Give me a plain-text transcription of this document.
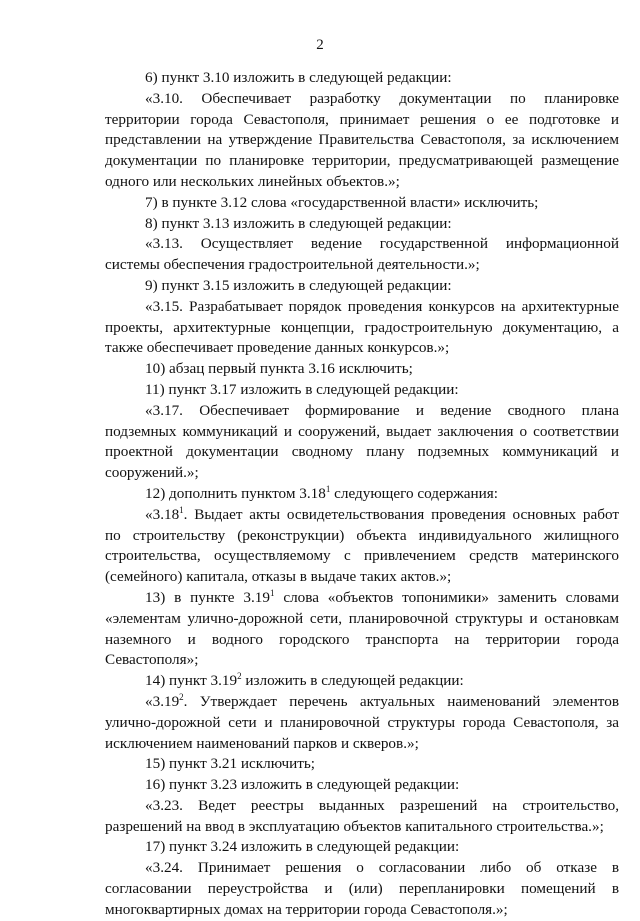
2

6) пункт 3.10 изложить в следующей редакции:

«3.10. Обеспечивает разработку документации по планировке территории города Севастополя, принимает решения о ее подготовке и представлении на утверждение Правительства Севастополя, за исключением документации по планировке территории, предусматривающей размещение одного или нескольких линейных объектов.»;

7) в пункте 3.12 слова «государственной власти» исключить;

8) пункт 3.13 изложить в следующей редакции:

«3.13. Осуществляет ведение государственной информационной системы обеспечения градостроительной деятельности.»;

9) пункт 3.15 изложить в следующей редакции:

«3.15. Разрабатывает порядок проведения конкурсов на архитектурные проекты, архитектурные концепции, градостроительную документацию, а также обеспечивает проведение данных конкурсов.»;

10) абзац первый пункта 3.16 исключить;

11) пункт 3.17 изложить в следующей редакции:

«3.17. Обеспечивает формирование и ведение сводного плана подземных коммуникаций и сооружений, выдает заключения о соответствии проектной документации сводному плану подземных коммуникаций и сооружений.»;

12) дополнить пунктом 3.18$^1$ следующего содержания:

«3.18$^1$. Выдает акты освидетельствования проведения основных работ по строительству (реконструкции) объекта индивидуального жилищного строительства, осуществляемому с привлечением средств материнского (семейного) капитала, отказы в выдаче таких актов.»;

13) в пункте 3.19$^1$ слова «объектов топонимики» заменить словами «элементам улично-дорожной сети, планировочной структуры и остановкам наземного и водного городского транспорта на территории города Севастополя»;

14) пункт 3.19$^2$ изложить в следующей редакции:

«3.19$^2$. Утверждает перечень актуальных наименований элементов улично-дорожной сети и планировочной структуры города Севастополя, за исключением наименований парков и скверов.»;

15) пункт 3.21 исключить;

16) пункт 3.23 изложить в следующей редакции:

«3.23. Ведет реестры выданных разрешений на строительство, разрешений на ввод в эксплуатацию объектов капитального строительства.»;

17) пункт 3.24 изложить в следующей редакции:

«3.24. Принимает решения о согласовании либо об отказе в согласовании переустройства и (или) перепланировки помещений в многоквартирных домах на территории города Севастополя.»;
